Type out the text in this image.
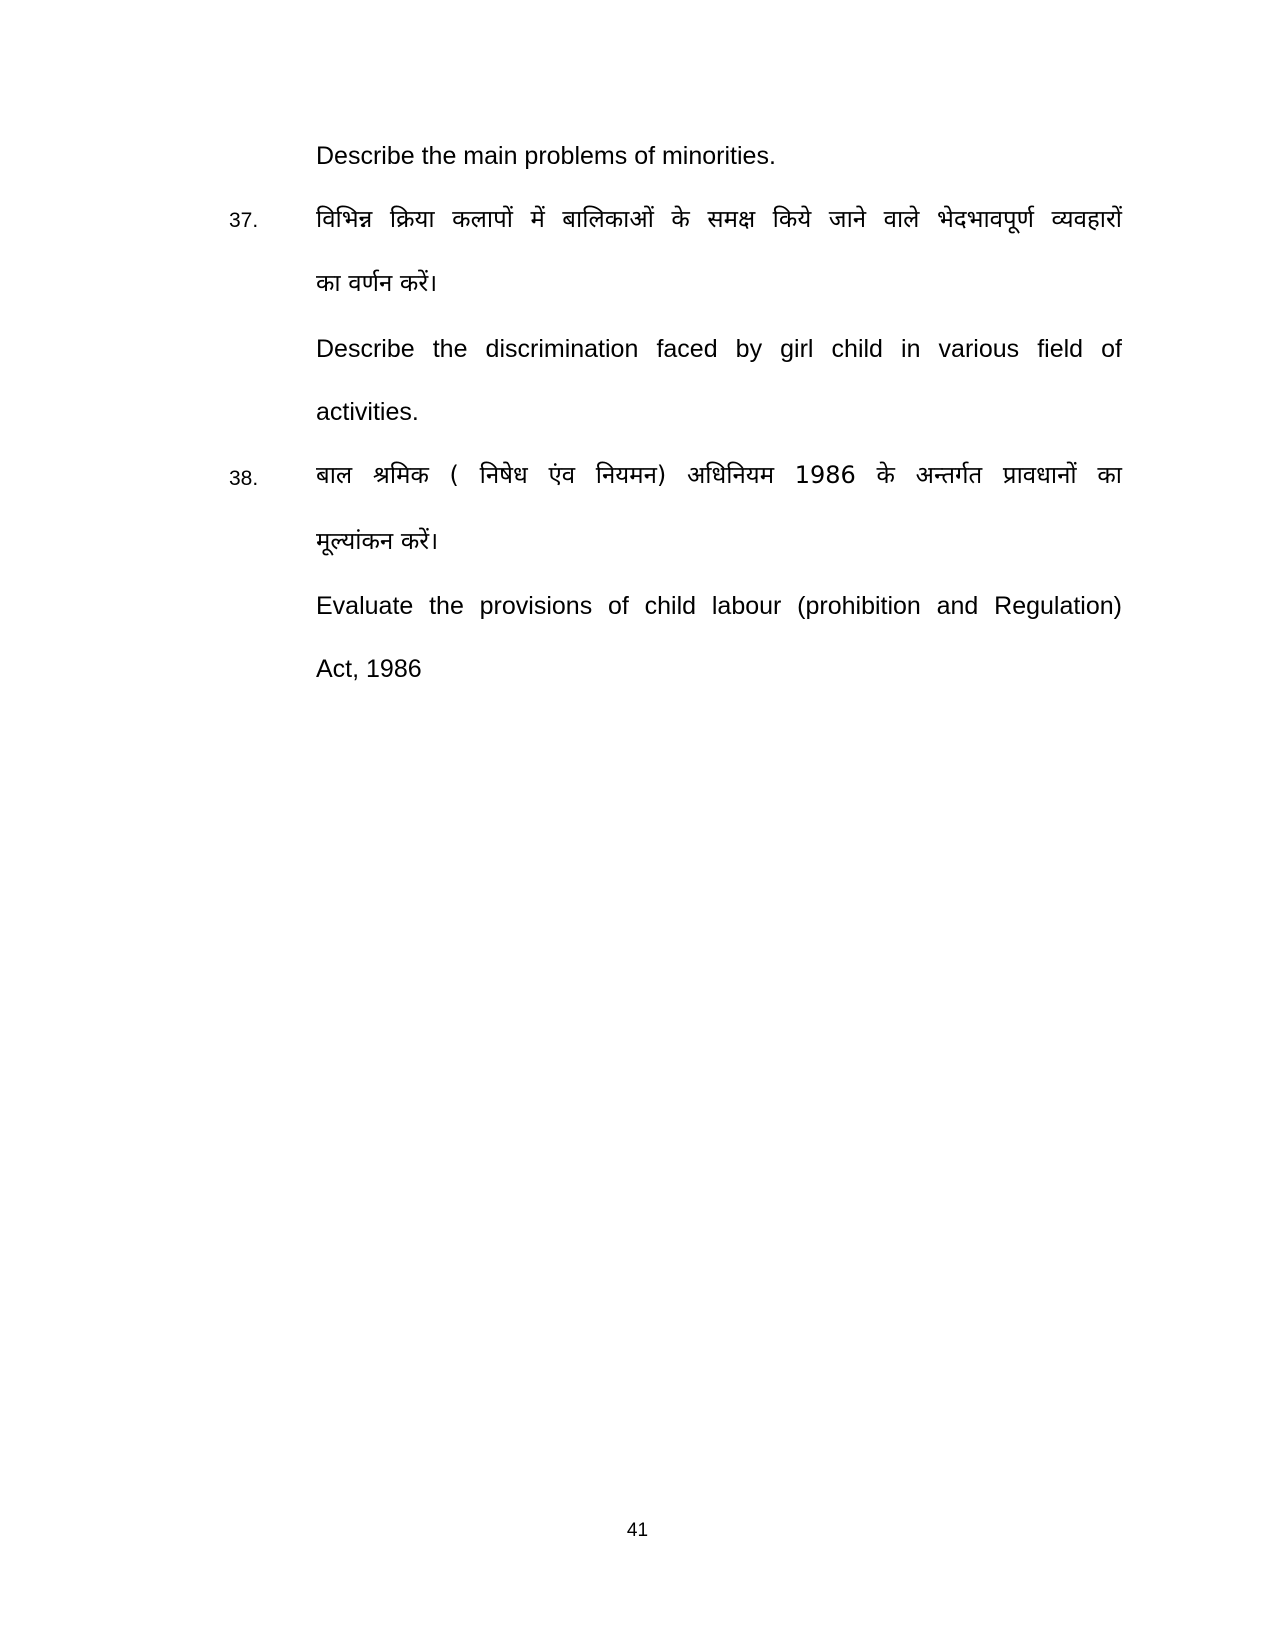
Describe the main problems of minorities.
37. विभिन्न क्रिया कलापों में बालिकाओं के समक्ष किये जाने वाले भेदभावपूर्ण व्यवहारों
का वर्णन करें।
Describe the discrimination faced by girl child in various field of
activities.
38. बाल श्रमिक ( निषेध एंव नियमन) अधिनियम 1986 के अन्तर्गत प्रावधानों का
मूल्यांकन करें।
Evaluate the provisions of child labour (prohibition and Regulation)
Act, 1986
41
